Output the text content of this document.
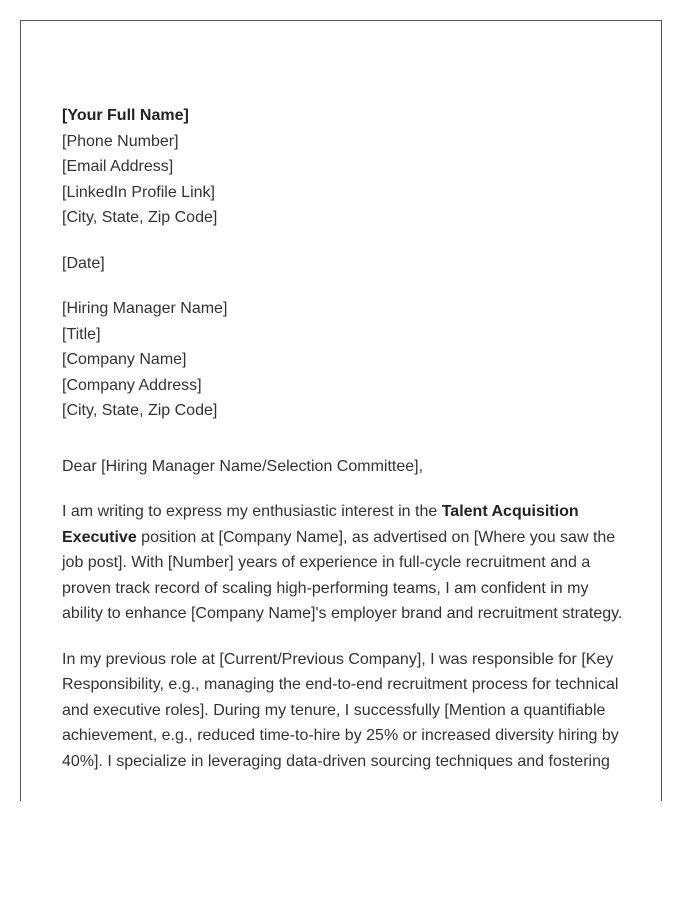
[Your Full Name]
[Phone Number]
[Email Address]
[LinkedIn Profile Link]
[City, State, Zip Code]
[Date]
[Hiring Manager Name]
[Title]
[Company Name]
[Company Address]
[City, State, Zip Code]
Dear [Hiring Manager Name/Selection Committee],

I am writing to express my enthusiastic interest in the Talent Acquisition Executive position at [Company Name], as advertised on [Where you saw the job post]. With [Number] years of experience in full-cycle recruitment and a proven track record of scaling high-performing teams, I am confident in my ability to enhance [Company Name]'s employer brand and recruitment strategy.

In my previous role at [Current/Previous Company], I was responsible for [Key Responsibility, e.g., managing the end-to-end recruitment process for technical and executive roles]. During my tenure, I successfully [Mention a quantifiable achievement, e.g., reduced time-to-hire by 25% or increased diversity hiring by 40%]. I specialize in leveraging data-driven sourcing techniques and fostering
